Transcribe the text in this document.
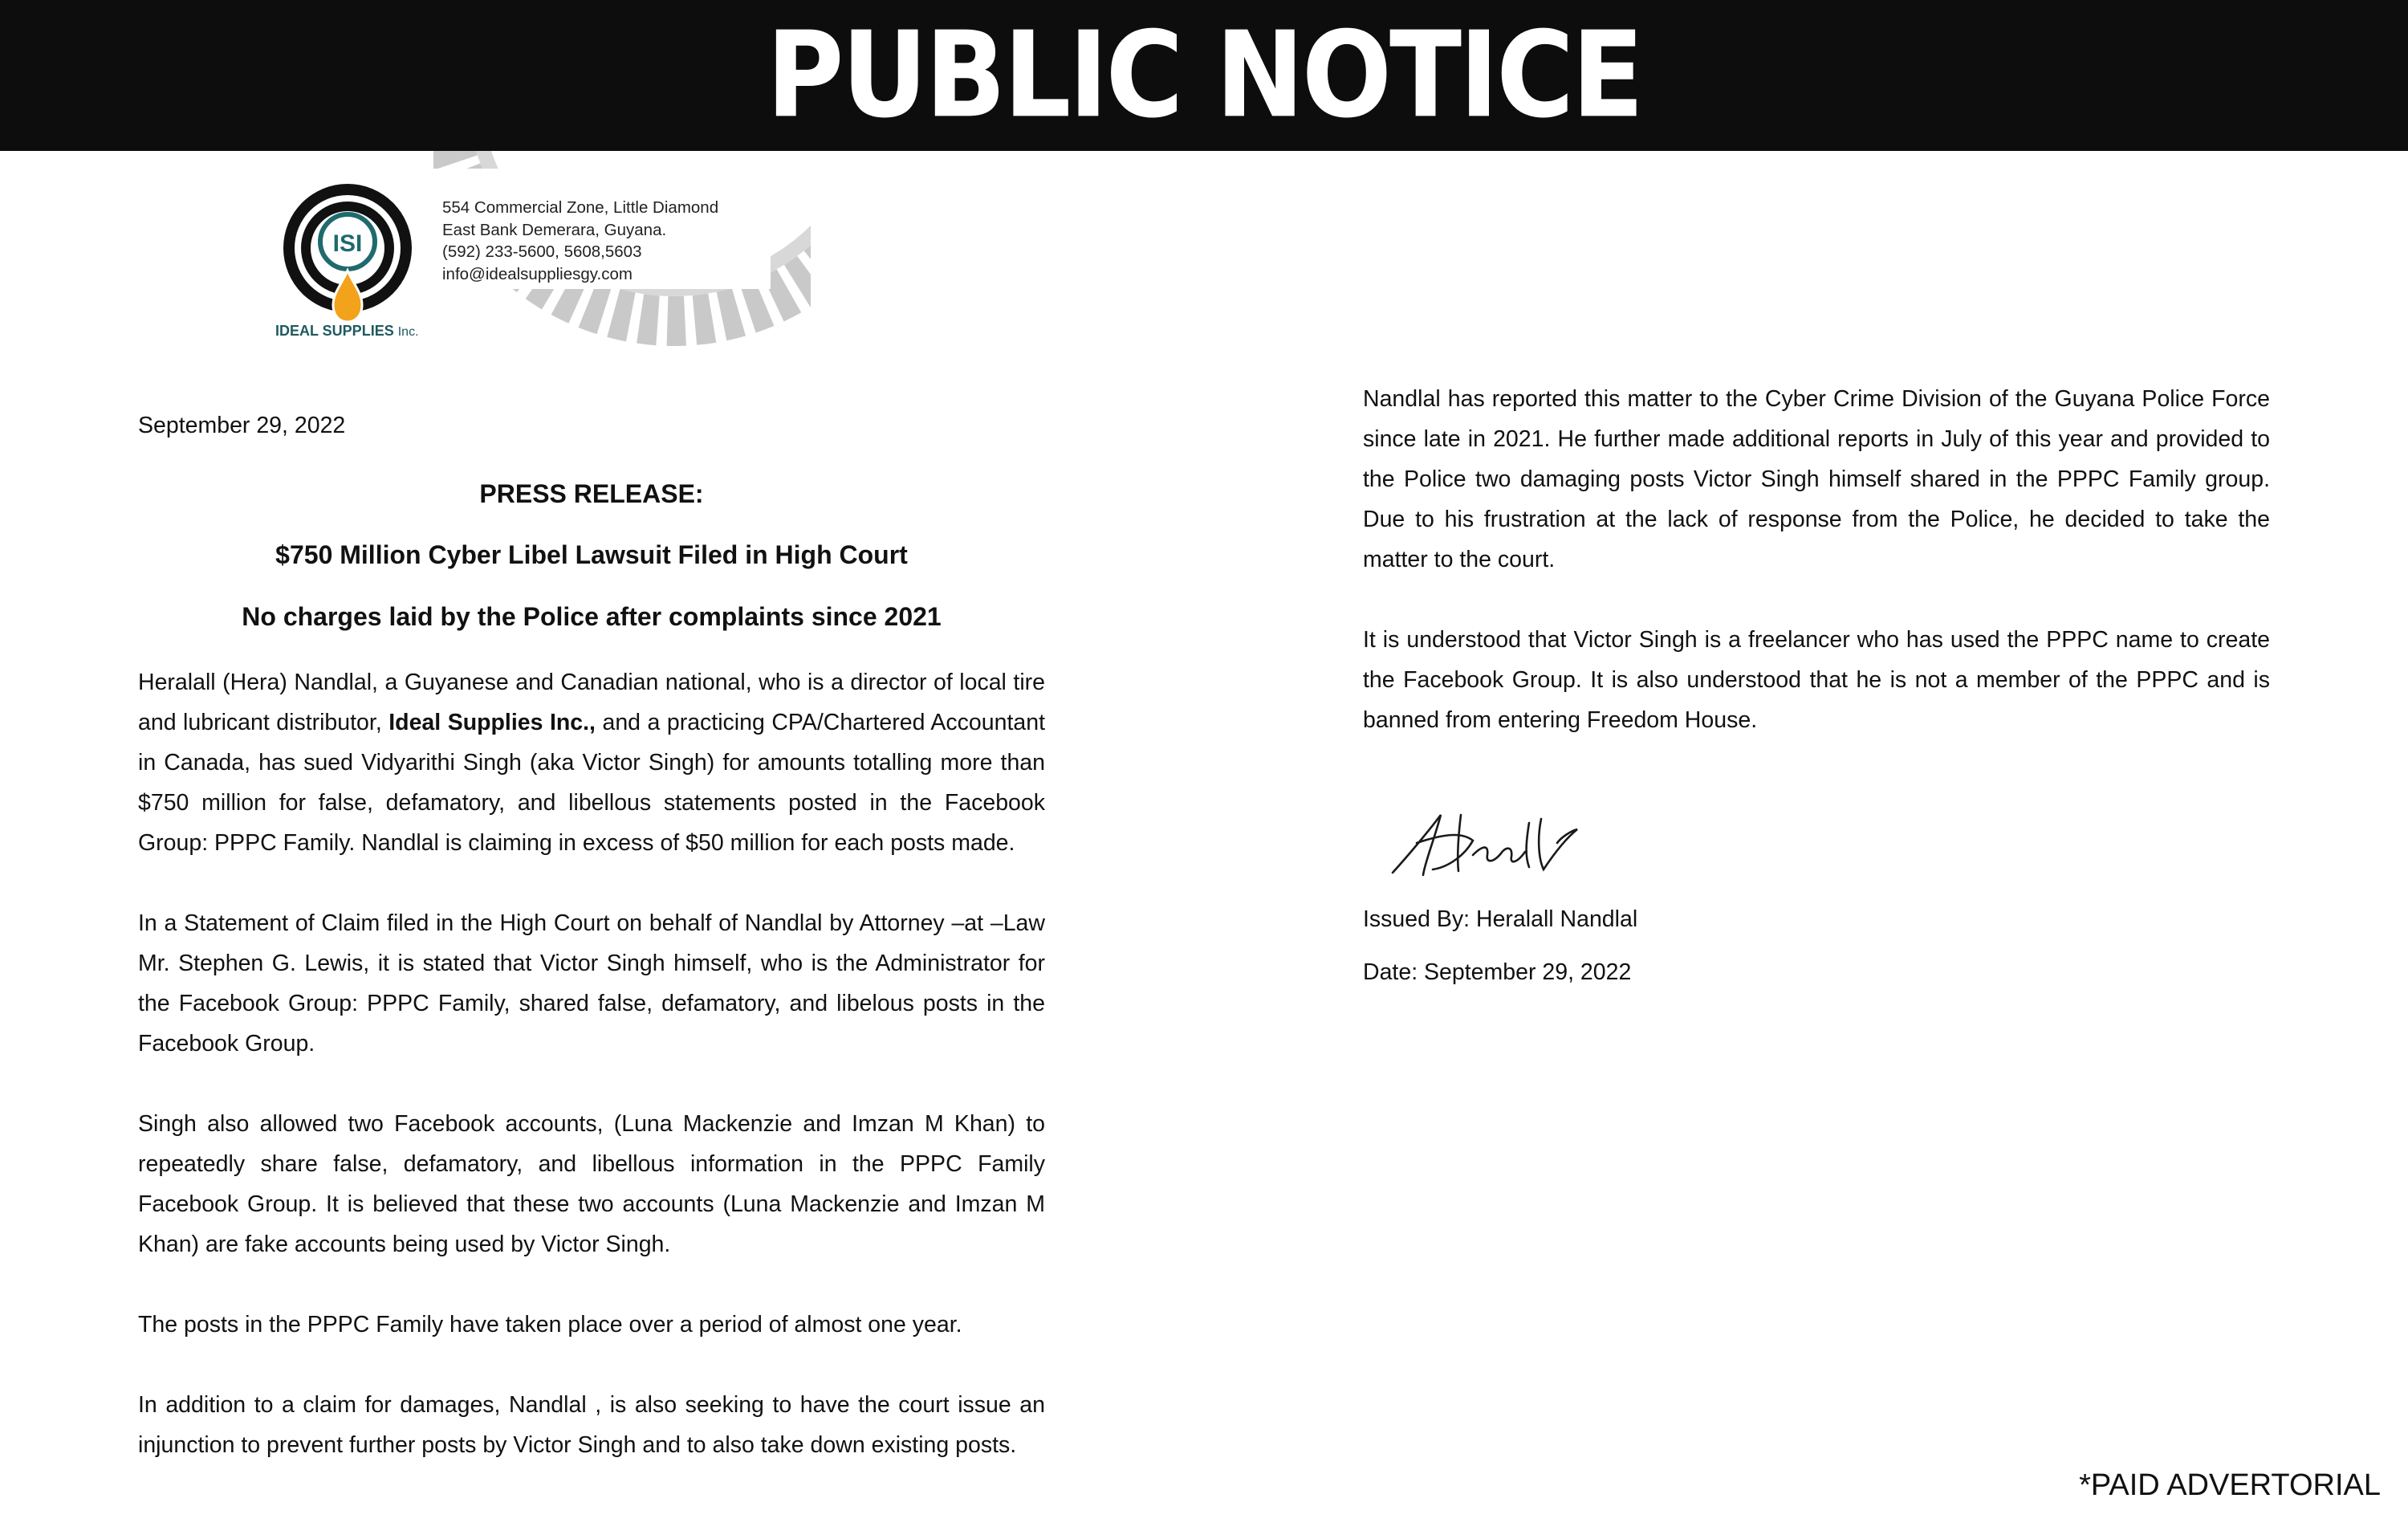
PUBLIC NOTICE
ISI
IDEAL SUPPLIES Inc.
554 Commercial Zone, Little Diamond
East Bank Demerara, Guyana.
(592) 233-5600, 5608,5603
info@idealsuppliesgy.com
September 29, 2022
PRESS RELEASE:
$750 Million Cyber Libel Lawsuit Filed in High Court
No charges laid by the Police after complaints since 2021

Heralall (Hera) Nandlal, a Guyanese and Canadian national, who is a director of local tire and lubricant distributor, Ideal Supplies Inc., and a practicing CPA/Chartered Accountant in Canada, has sued Vidyarithi Singh (aka Victor Singh) for amounts totalling more than $750 million for false, defamatory, and libellous statements posted in the Facebook Group: PPPC Family. Nandlal is claiming in excess of $50 million for each posts made.

In a Statement of Claim filed in the High Court on behalf of Nandlal by Attorney –at –Law Mr. Stephen G. Lewis, it is stated that Victor Singh himself, who is the Administrator for the Facebook Group: PPPC Family, shared false, defamatory, and libelous posts in the Facebook Group.

Singh also allowed two Facebook accounts, (Luna Mackenzie and Imzan M Khan) to repeatedly share false, defamatory, and libellous information in the PPPC Family Facebook Group. It is believed that these two accounts (Luna Mackenzie and Imzan M Khan) are fake accounts being used by Victor Singh.

The posts in the PPPC Family have taken place over a period of almost one year.

In addition to a claim for damages, Nandlal , is also seeking to have the court issue an injunction to prevent further posts by Victor Singh and to also take down existing posts.

Nandlal has reported this matter to the Cyber Crime Division of the Guyana Police Force since late in 2021. He further made additional reports in July of this year and provided to the Police two damaging posts Victor Singh himself shared in the PPPC Family group. Due to his frustration at the lack of response from the Police, he decided to take the matter to the court.

It is understood that Victor Singh is a freelancer who has used the PPPC name to create the Facebook Group. It is also understood that he is not a member of the PPPC and is banned from entering Freedom House.

Issued By: Heralall Nandlal
Date: September 29, 2022
*PAID ADVERTORIAL
